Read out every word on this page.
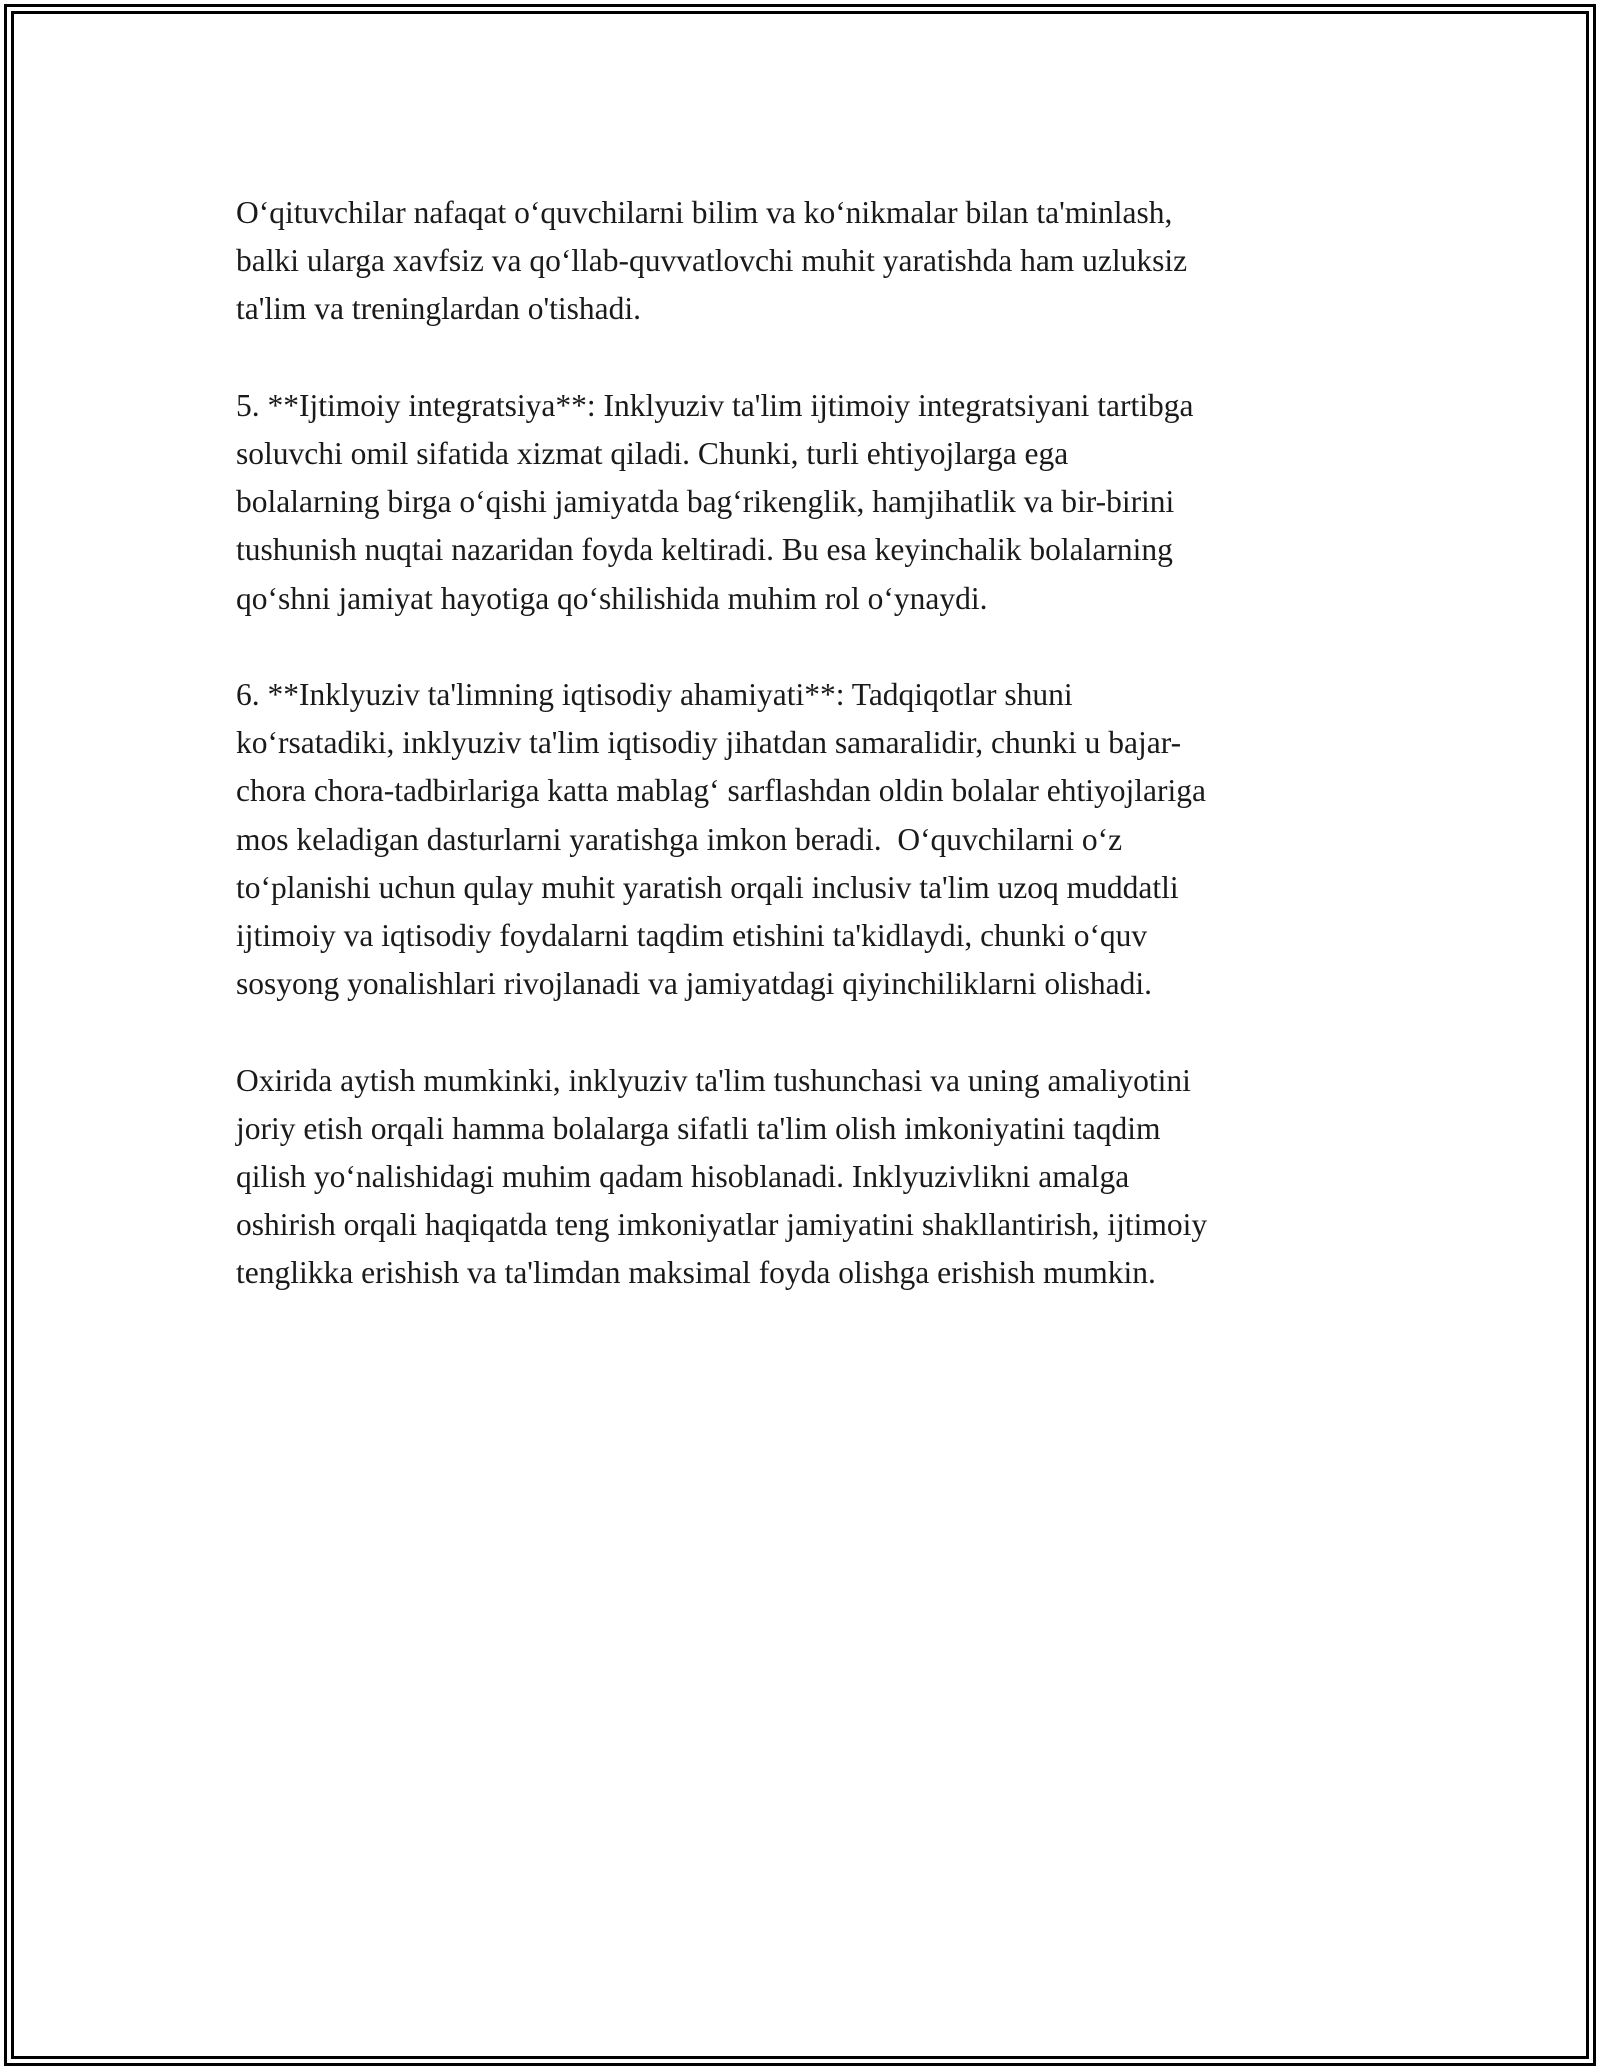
O‘qituvchilar nafaqat o‘quvchilarni bilim va ko‘nikmalar bilan ta'minlash,
balki ularga xavfsiz va qo‘llab-quvvatlovchi muhit yaratishda ham uzluksiz
ta'lim va treninglardan o'tishadi.

5. **Ijtimoiy integratsiya**: Inklyuziv ta'lim ijtimoiy integratsiyani tartibga
soluvchi omil sifatida xizmat qiladi. Chunki, turli ehtiyojlarga ega
bolalarning birga o‘qishi jamiyatda bag‘rikenglik, hamjihatlik va bir-birini
tushunish nuqtai nazaridan foyda keltiradi. Bu esa keyinchalik bolalarning
qo‘shni jamiyat hayotiga qo‘shilishida muhim rol o‘ynaydi.

6. **Inklyuziv ta'limning iqtisodiy ahamiyati**: Tadqiqotlar shuni
ko‘rsatadiki, inklyuziv ta'lim iqtisodiy jihatdan samaralidir, chunki u bajar-
chora chora-tadbirlariga katta mablag‘ sarflashdan oldin bolalar ehtiyojlariga
mos keladigan dasturlarni yaratishga imkon beradi.  O‘quvchilarni o‘z
to‘planishi uchun qulay muhit yaratish orqali inclusiv ta'lim uzoq muddatli
ijtimoiy va iqtisodiy foydalarni taqdim etishini ta'kidlaydi, chunki o‘quv
sosyong yonalishlari rivojlanadi va jamiyatdagi qiyinchiliklarni olishadi.

Oxirida aytish mumkinki, inklyuziv ta'lim tushunchasi va uning amaliyotini
joriy etish orqali hamma bolalarga sifatli ta'lim olish imkoniyatini taqdim
qilish yo‘nalishidagi muhim qadam hisoblanadi. Inklyuzivlikni amalga
oshirish orqali haqiqatda teng imkoniyatlar jamiyatini shakllantirish, ijtimoiy
tenglikka erishish va ta'limdan maksimal foyda olishga erishish mumkin.
